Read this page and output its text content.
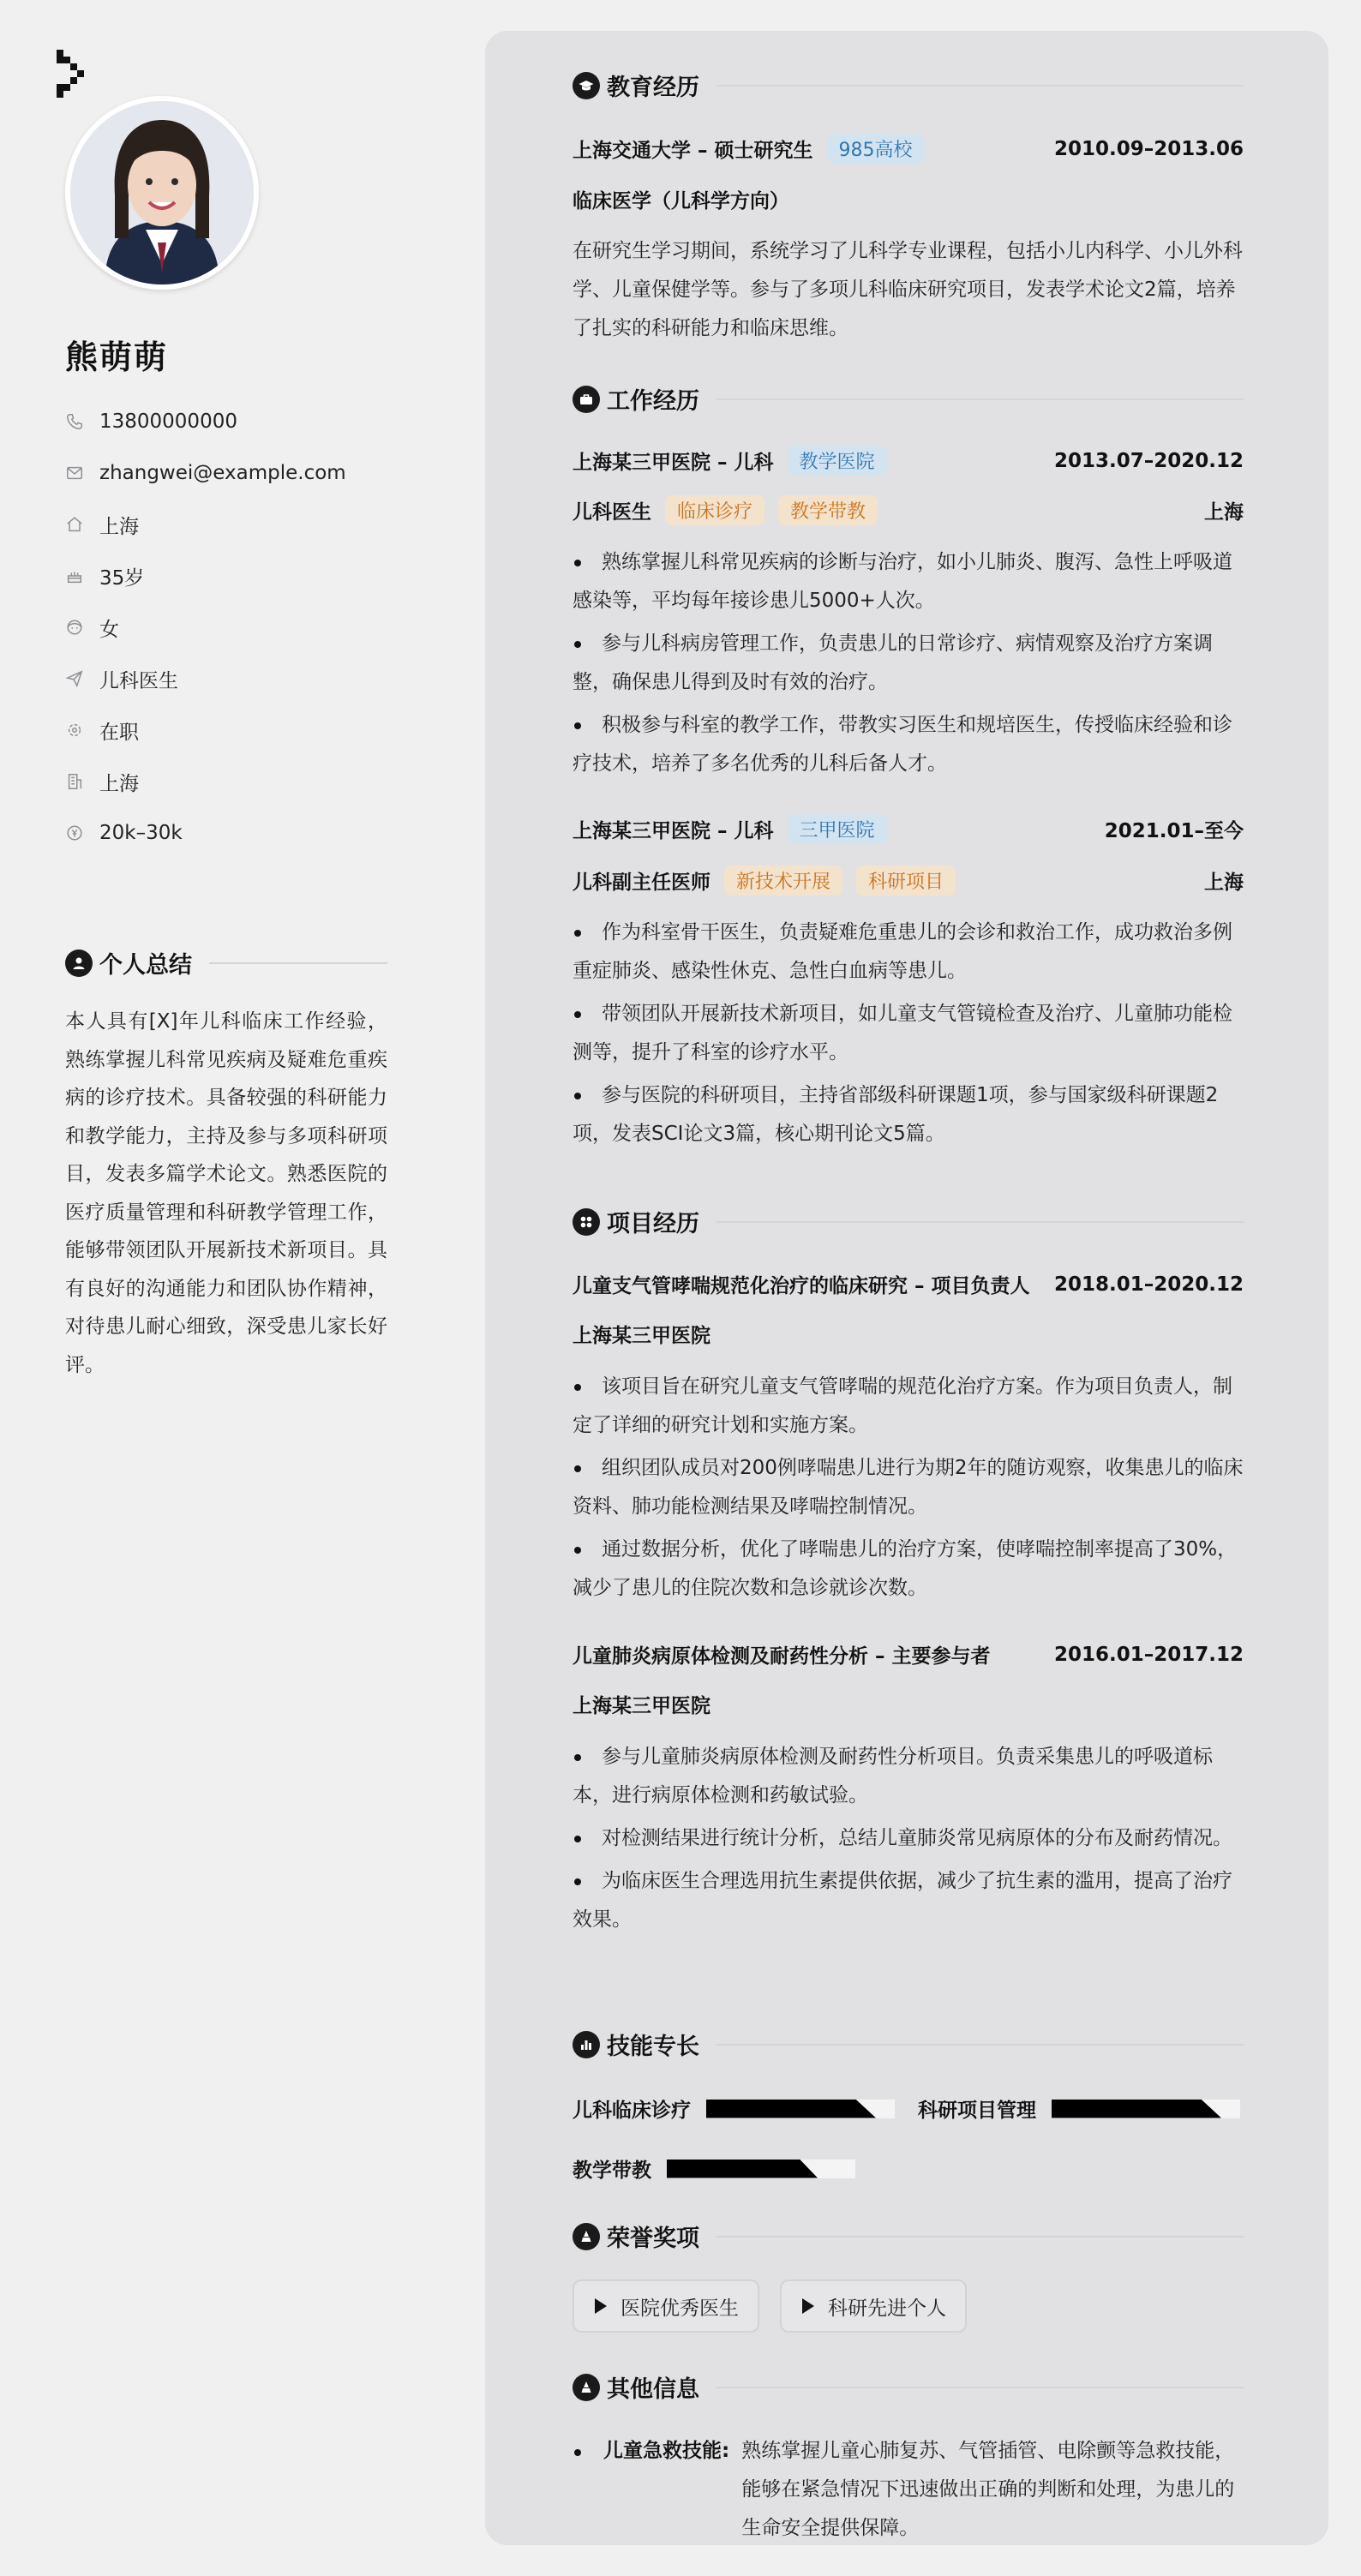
熊萌萌
13800000000
zhangwei@example.com
上海
35岁
女
儿科医生
在职
上海
20k–30k
个人总结
本人具有[X]年儿科临床工作经验，熟练掌握儿科常见疾病及疑难危重疾病的诊疗技术。具备较强的科研能力和教学能力，主持及参与多项科研项目，发表多篇学术论文。熟悉医院的医疗质量管理和科研教学管理工作，能够带领团队开展新技术新项目。具有良好的沟通能力和团队协作精神，对待患儿耐心细致，深受患儿家长好评。
教育经历
上海交通大学 – 硕士研究生	985高校	2010.09–2013.06
临床医学（儿科学方向）
在研究生学习期间，系统学习了儿科学专业课程，包括小儿内科学、小儿外科学、儿童保健学等。参与了多项儿科临床研究项目，发表学术论文2篇，培养了扎实的科研能力和临床思维。
工作经历
上海某三甲医院 – 儿科	教学医院	2013.07–2020.12
儿科医生	临床诊疗	教学带教	上海
熟练掌握儿科常见疾病的诊断与治疗，如小儿肺炎、腹泻、急性上呼吸道感染等，平均每年接诊患儿5000+人次。
参与儿科病房管理工作，负责患儿的日常诊疗、病情观察及治疗方案调整，确保患儿得到及时有效的治疗。
积极参与科室的教学工作，带教实习医生和规培医生，传授临床经验和诊疗技术，培养了多名优秀的儿科后备人才。
上海某三甲医院 – 儿科	三甲医院	2021.01–至今
儿科副主任医师	新技术开展	科研项目	上海
作为科室骨干医生，负责疑难危重患儿的会诊和救治工作，成功救治多例重症肺炎、感染性休克、急性白血病等患儿。
带领团队开展新技术新项目，如儿童支气管镜检查及治疗、儿童肺功能检测等，提升了科室的诊疗水平。
参与医院的科研项目，主持省部级科研课题1项，参与国家级科研课题2项，发表SCI论文3篇，核心期刊论文5篇。
项目经历
儿童支气管哮喘规范化治疗的临床研究 – 项目负责人 2018.01–2020.12
上海某三甲医院
该项目旨在研究儿童支气管哮喘的规范化治疗方案。作为项目负责人，制定了详细的研究计划和实施方案。
组织团队成员对200例哮喘患儿进行为期2年的随访观察，收集患儿的临床资料、肺功能检测结果及哮喘控制情况。
通过数据分析，优化了哮喘患儿的治疗方案，使哮喘控制率提高了30%，减少了患儿的住院次数和急诊就诊次数。
儿童肺炎病原体检测及耐药性分析 – 主要参与者	2016.01–2017.12
上海某三甲医院
参与儿童肺炎病原体检测及耐药性分析项目。负责采集患儿的呼吸道标本，进行病原体检测和药敏试验。
对检测结果进行统计分析，总结儿童肺炎常见病原体的分布及耐药情况。
为临床医生合理选用抗生素提供依据，减少了抗生素的滥用，提高了治疗效果。
技能专长
儿科临床诊疗	科研项目管理
教学带教
荣誉奖项
医院优秀医生	科研先进个人
其他信息
儿童急救技能: 熟练掌握儿童心肺复苏、气管插管、电除颤等急救技能，能够在紧急情况下迅速做出正确的判断和处理，为患儿的生命安全提供保障。
